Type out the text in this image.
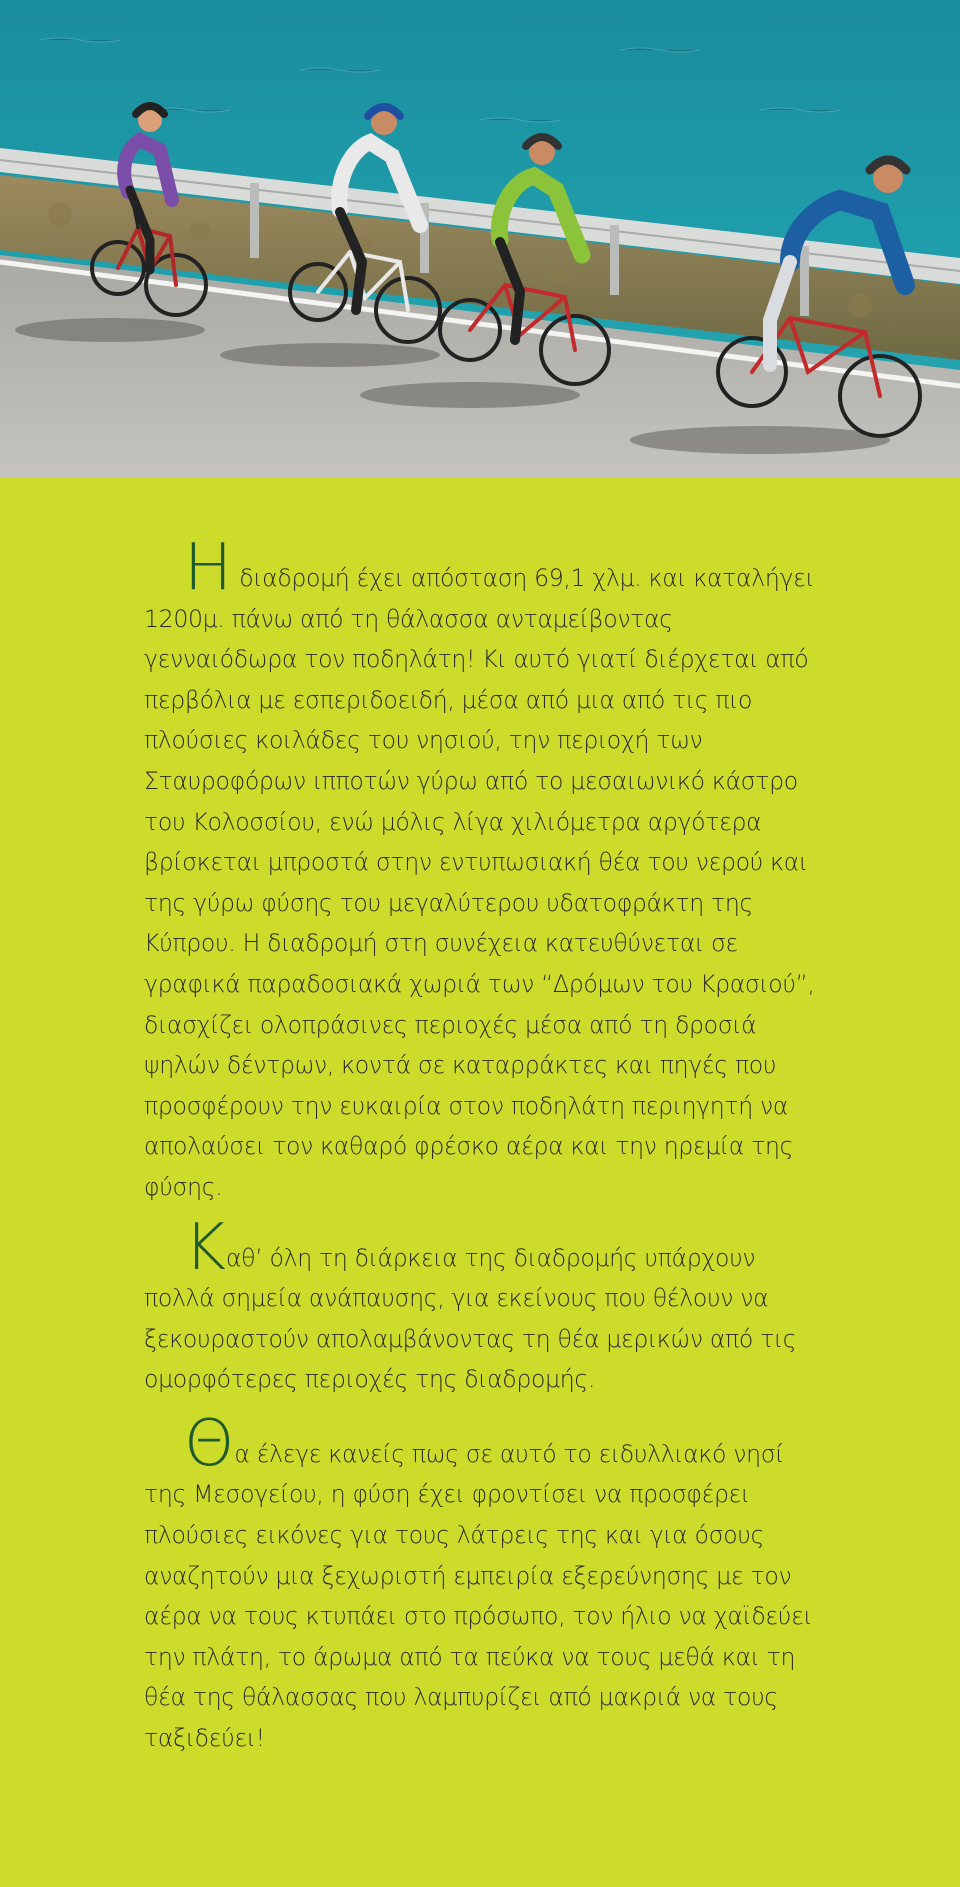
Η διαδρομή έχει απόσταση 69,1 χλμ. και καταλήγει 1200μ. πάνω από τη θάλασσα ανταμείβοντας γενναιόδωρα τον ποδηλάτη! Κι αυτό γιατί διέρχεται από περβόλια με εσπεριδοειδή, μέσα από μια από τις πιο πλούσιες κοιλάδες του νησιού, την περιοχή των Σταυροφόρων ιπποτών γύρω από το μεσαιωνικό κάστρο του Κολοσσίου, ενώ μόλις λίγα χιλιόμετρα αργότερα βρίσκεται μπροστά στην εντυπωσιακή θέα του νερού και της γύρω φύσης του μεγαλύτερου υδατοφράκτη της Κύπρου. Η διαδρομή στη συνέχεια κατευθύνεται σε γραφικά παραδοσιακά χωριά των “Δρόμων του Κρασιού”, διασχίζει ολοπράσινες περιοχές μέσα από τη δροσιά ψηλών δέντρων, κοντά σε καταρράκτες και πηγές που προσφέρουν την ευκαιρία στον ποδηλάτη περιηγητή να απολαύσει τον καθαρό φρέσκο αέρα και την ηρεμία της φύσης.

Καθ’ όλη τη διάρκεια της διαδρομής υπάρχουν πολλά σημεία ανάπαυσης, για εκείνους που θέλουν να ξεκουραστούν απολαμβάνοντας τη θέα μερικών από τις ομορφότερες περιοχές της διαδρομής.

Θα έλεγε κανείς πως σε αυτό το ειδυλλιακό νησί της Μεσογείου, η φύση έχει φροντίσει να προσφέρει πλούσιες εικόνες για τους λάτρεις της και για όσους αναζητούν μια ξεχωριστή εμπειρία εξερεύνησης με τον αέρα να τους κτυπάει στο πρόσωπο, τον ήλιο να χαϊδεύει την πλάτη, το άρωμα από τα πεύκα να τους μεθά και τη θέα της θάλασσας που λαμπυρίζει από μακριά να τους ταξιδεύει!
